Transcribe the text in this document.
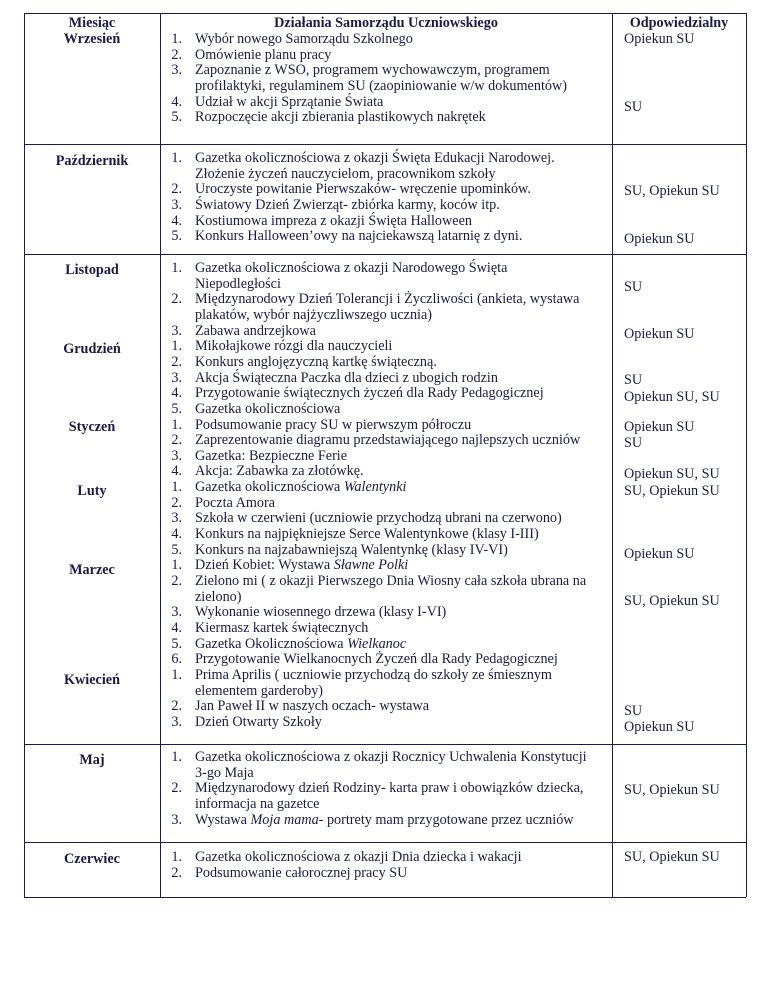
Miesiąc	Działania Samorządu Uczniowskiego	Odpowiedzialny
Wrzesień
Październik
Listopad
Grudzień
Styczeń
Luty
Marzec
Kwiecień
Maj
Czerwiec
1. Wybór nowego Samorządu Szkolnego
2. Omówienie planu pracy
3. Zapoznanie z WSO, programem wychowawczym, programem
profilaktyki, regulaminem SU (zaopiniowanie w/w dokumentów)
4. Udział w akcji Sprzątanie Świata
5. Rozpoczęcie akcji zbierania plastikowych nakrętek
1. Gazetka okolicznościowa z okazji Święta Edukacji Narodowej.
Złożenie życzeń nauczycielom, pracownikom szkoły
2. Uroczyste powitanie Pierwszaków- wręczenie upominków.
3. Światowy Dzień Zwierząt- zbiórka karmy, koców itp.
4. Kostiumowa impreza z okazji Święta Halloween
5. Konkurs Halloween’owy na najciekawszą latarnię z dyni.
1. Gazetka okolicznościowa z okazji Narodowego Święta
Niepodległości
2. Międzynarodowy Dzień Tolerancji i Życzliwości (ankieta, wystawa
plakatów, wybór najżyczliwszego ucznia)
3. Zabawa andrzejkowa
1. Mikołajkowe rózgi dla nauczycieli
2. Konkurs anglojęzyczną kartkę świąteczną.
3. Akcja Świąteczna Paczka dla dzieci z ubogich rodzin
4. Przygotowanie świątecznych życzeń dla Rady Pedagogicznej
5. Gazetka okolicznościowa
1. Podsumowanie pracy SU w pierwszym półroczu
2. Zaprezentowanie diagramu przedstawiającego najlepszych uczniów
3. Gazetka: Bezpieczne Ferie
4. Akcja: Zabawka za złotówkę.
1. Gazetka okolicznościowa Walentynki
2. Poczta Amora
3. Szkoła w czerwieni (uczniowie przychodzą ubrani na czerwono)
4. Konkurs na najpiękniejsze Serce Walentynkowe (klasy I-III)
5. Konkurs na najzabawniejszą Walentynkę (klasy IV-VI)
1. Dzień Kobiet: Wystawa Sławne Polki
2. Zielono mi ( z okazji Pierwszego Dnia Wiosny cała szkoła ubrana na
zielono)
3. Wykonanie wiosennego drzewa (klasy I-VI)
4. Kiermasz kartek świątecznych
5. Gazetka Okolicznościowa Wielkanoc
6. Przygotowanie Wielkanocnych Życzeń dla Rady Pedagogicznej
1. Prima Aprilis ( uczniowie przychodzą do szkoły ze śmiesznym
elementem garderoby)
2. Jan Paweł II w naszych oczach- wystawa
3. Dzień Otwarty Szkoły
1. Gazetka okolicznościowa z okazji Rocznicy Uchwalenia Konstytucji
3-go Maja
2. Międzynarodowy dzień Rodziny- karta praw i obowiązków dziecka,
informacja na gazetce
3. Wystawa Moja mama- portrety mam przygotowane przez uczniów
1. Gazetka okolicznościowa z okazji Dnia dziecka i wakacji
2. Podsumowanie całorocznej pracy SU
Opiekun SU
SU
SU, Opiekun SU
Opiekun SU
SU
Opiekun SU
SU
Opiekun SU, SU
Opiekun SU
SU
Opiekun SU, SU
SU, Opiekun SU
Opiekun SU
SU, Opiekun SU
SU
Opiekun SU
SU, Opiekun SU
SU, Opiekun SU
